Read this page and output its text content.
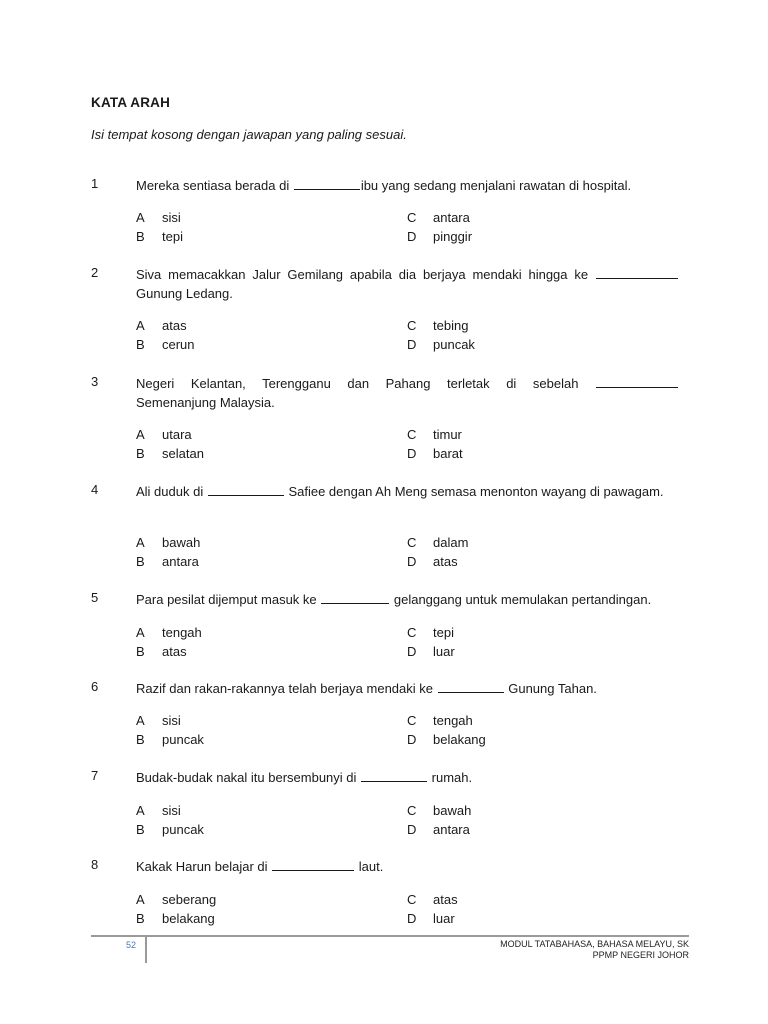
KATA ARAH
Isi tempat kosong dengan jawapan yang paling sesuai.
1	Mereka sentiasa berada di	ibu yang sedang menjalani rawatan di hospital.
A sisi
B tepi
C antara
D pinggir
2	Siva memacakkan Jalur Gemilang apabila dia berjaya mendaki hingga ke
Gunung Ledang.
A atas
B cerun
C tebing
D puncak
3	Negeri Kelantan, Terengganu dan Pahang terletak di sebelah
Semenanjung Malaysia.
A utara
B selatan
C timur
D barat
4	Ali duduk di	Safiee dengan Ah Meng semasa menonton wayang di pawagam.
A bawah
B antara
C dalam
D atas
5	Para pesilat dijemput masuk ke	gelanggang untuk memulakan pertandingan.
A tengah
B atas
C tepi
D luar
6	Razif dan rakan-rakannya telah berjaya mendaki ke	Gunung Tahan.
A sisi
B puncak
C tengah
D belakang
7	Budak-budak nakal itu bersembunyi di	rumah.
A sisi
B puncak
C bawah
D antara
8	Kakak Harun belajar di	laut.
A seberang
B belakang
C atas
D luar
52	MODUL TATABAHASA, BAHASA MELAYU, SK
PPMP NEGERI JOHOR
